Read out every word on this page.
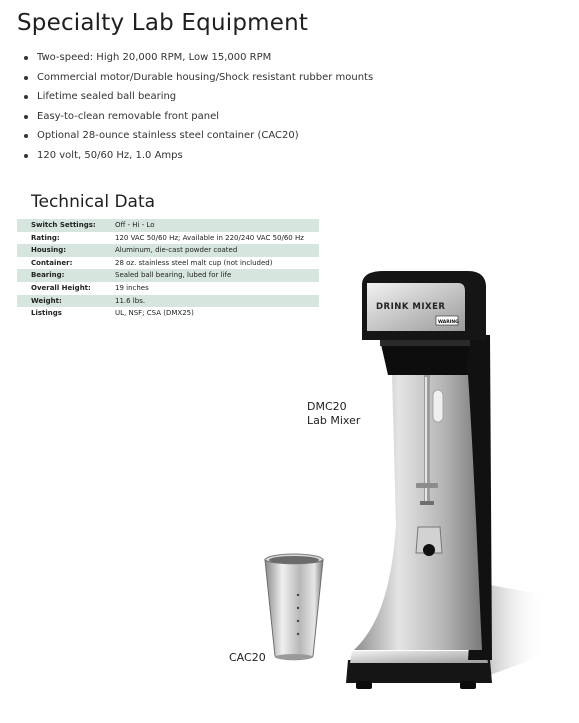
Specialty Lab Equipment
Two-speed: High 20,000 RPM, Low 15,000 RPM
Commercial motor/Durable housing/Shock resistant rubber mounts
Lifetime sealed ball bearing
Easy-to-clean removable front panel
Optional 28-ounce stainless steel container (CAC20)
120 volt, 50/60 Hz, 1.0 Amps
Technical Data
Switch Settings:	Off - Hi - Lo
Rating:	120 VAC 50/60 Hz; Available in 220/240 VAC 50/60 Hz
Housing:	Aluminum, die-cast powder coated
Container:	28 oz. stainless steel malt cup (not included)
Bearing:	Sealed ball bearing, lubed for life
Overall Height:	19 inches
Weight:	11.6 lbs.
Listings	UL, NSF; CSA (DMX25)
DMC20
Lab Mixer
CAC20
DRINK MIXER
WARING
